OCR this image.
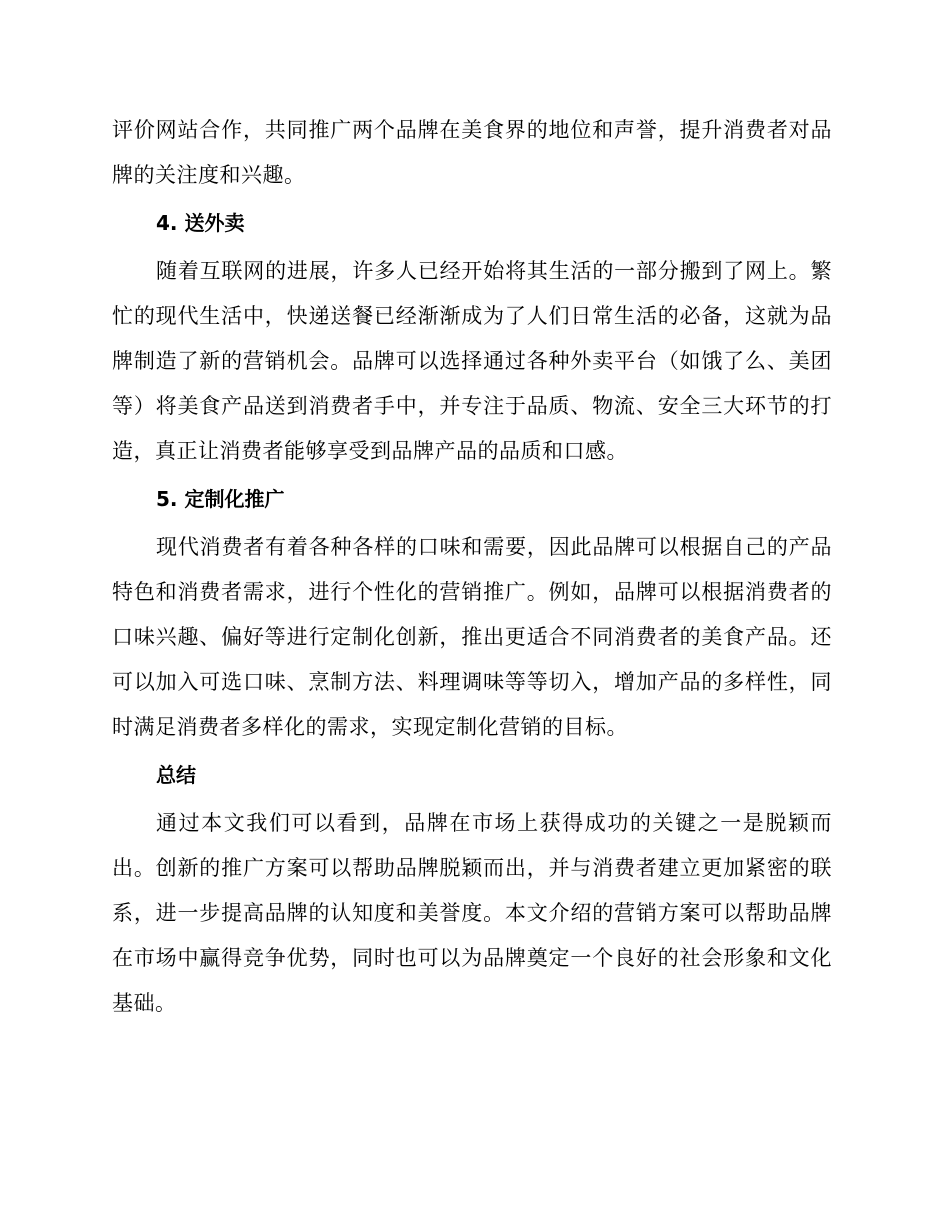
评价网站合作，共同推广两个品牌在美食界的地位和声誉，提升消费者对品牌的关注度和兴趣。

4. 送外卖

随着互联网的进展，许多人已经开始将其生活的一部分搬到了网上。繁忙的现代生活中，快递送餐已经渐渐成为了人们日常生活的必备，这就为品牌制造了新的营销机会。品牌可以选择通过各种外卖平台（如饿了么、美团等）将美食产品送到消费者手中，并专注于品质、物流、安全三大环节的打造，真正让消费者能够享受到品牌产品的品质和口感。

5. 定制化推广

现代消费者有着各种各样的口味和需要，因此品牌可以根据自己的产品特色和消费者需求，进行个性化的营销推广。例如，品牌可以根据消费者的口味兴趣、偏好等进行定制化创新，推出更适合不同消费者的美食产品。还可以加入可选口味、烹制方法、料理调味等等切入，增加产品的多样性，同时满足消费者多样化的需求，实现定制化营销的目标。

总结

通过本文我们可以看到，品牌在市场上获得成功的关键之一是脱颖而出。创新的推广方案可以帮助品牌脱颖而出，并与消费者建立更加紧密的联系，进一步提高品牌的认知度和美誉度。本文介绍的营销方案可以帮助品牌在市场中赢得竞争优势，同时也可以为品牌奠定一个良好的社会形象和文化基础。
